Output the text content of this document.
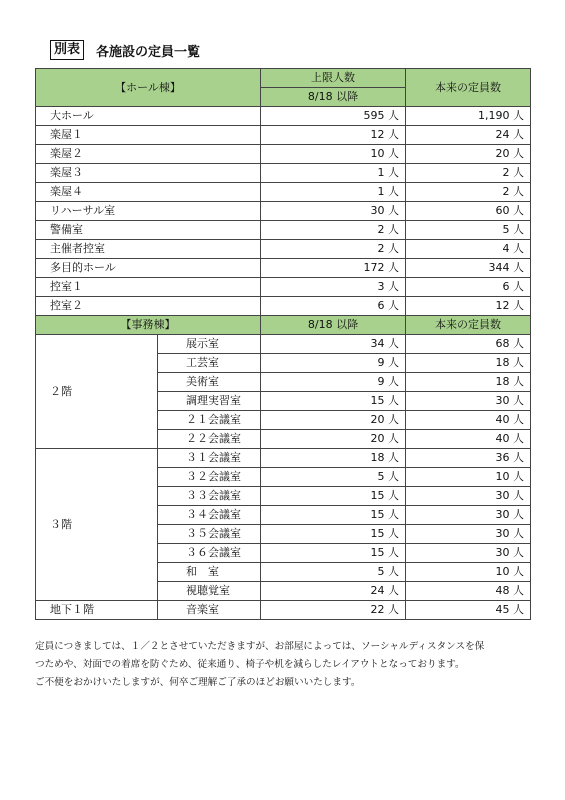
別表	各施設の定員一覧
【ホール棟】		上限人数	本来の定員数
		8/18 以降	
大ホール		595 人	1,190 人
楽屋１		12 人	24 人
楽屋２		10 人	20 人
楽屋３		1 人	2 人
楽屋４		1 人	2 人
リハーサル室		30 人	60 人
警備室		2 人	5 人
主催者控室		2 人	4 人
多目的ホール		172 人	344 人
控室１		3 人	6 人
控室２		6 人	12 人
【事務棟】		8/18 以降	本来の定員数
２階	展示室	34 人	68 人
	工芸室	9 人	18 人
	美術室	9 人	18 人
	調理実習室	15 人	30 人
	２１会議室	20 人	40 人
	２２会議室	20 人	40 人
３階	３１会議室	18 人	36 人
	３２会議室	5 人	10 人
	３３会議室	15 人	30 人
	３４会議室	15 人	30 人
	３５会議室	15 人	30 人
	３６会議室	15 人	30 人
	和　室	5 人	10 人
	視聴覚室	24 人	48 人
地下１階	音楽室	22 人	45 人
定員につきましては、１／２とさせていただきますが、お部屋によっては、ソーシャルディスタンスを保
つためや、対面での着席を防ぐため、従来通り、椅子や机を減らしたレイアウトとなっております。
ご不便をおかけいたしますが、何卒ご理解ご了承のほどお願いいたします。
